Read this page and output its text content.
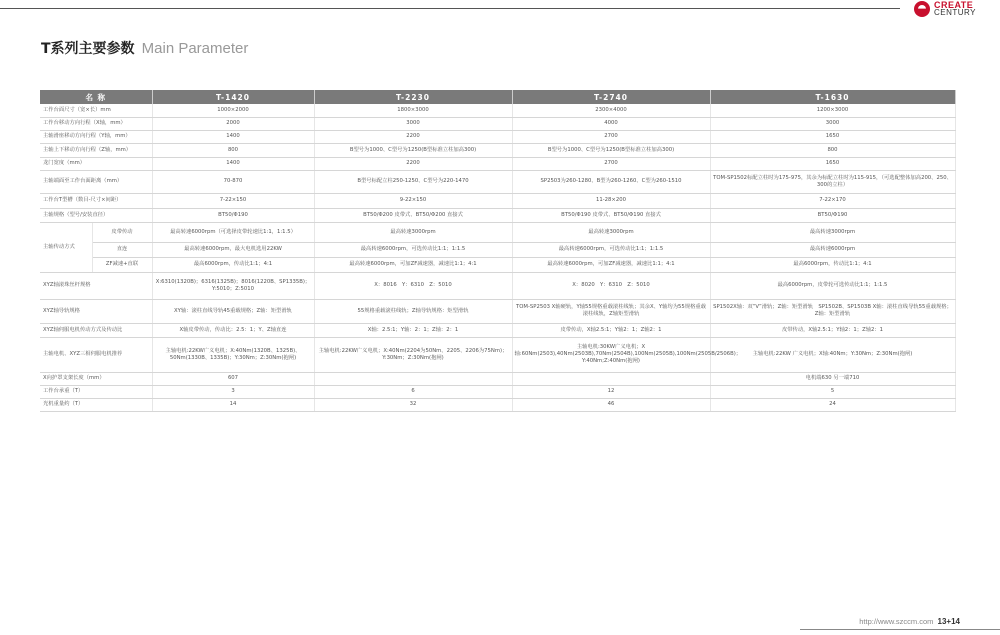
CREATE
CENTURY
T系列主要参数 Main Parameter
名 称		T-1420	T-2230	T-2740	T-1630
工作台面尺寸（宽×长）mm		1000×2000	1800×3000	2300×4000	1200×3000
工作台移动方向行程（X轴，mm）		2000	3000	4000	3000
主轴滑座移动方向行程（Y轴，mm）		1400	2200	2700	1650
主轴上下移动方向行程（Z轴，mm）		800	B型号为1000、C型号为1250(B型标准立柱加高300)	B型号为1000、C型号为1250(B型标准立柱加高300)	800
龙门宽度（mm）		1400	2200	2700	1650
主轴端面至工作台面距离（mm）		70-870	B型号标配立柱250-1250、C型号为220-1470	SP2503为260-1280、B型为260-1260、C型为260-1510	TOM-SP1502标配立柱时为175-975，其余为标配立柱时为115-915，（可选配整体加高200、250、300的立柱）
工作台T型槽（数目-尺寸×间距）		7-22×150	9-22×150	11-28×200	7-22×170
主轴规格（型号/安装直径）		BT50/Φ190	BT50/Φ200 皮带式、BT50/Φ200 直接式	BT50/Φ190 皮带式、BT50/Φ190 直接式	BT50/Φ190
主轴传动方式	皮带传动	最高转速6000rpm（可选择皮带轮速比1:1，1:1.5）	最高转速3000rpm	最高转速3000rpm	最高转速3000rpm
	直连	最高转速6000rpm，最大电机选用22KW	最高转速6000rpm，可选传动比1:1；1:1.5	最高转速6000rpm，可选传动比1:1；1:1.5	最高转速6000rpm
	ZF减速+直联	最高6000rpm，传动比1:1；4:1	最高转速6000rpm，可加ZF减速器，减速比1:1；4:1	最高转速6000rpm，可加ZF减速器，减速比1:1；4:1	最高6000rpm，传动比1:1；4:1
XYZ轴滚珠丝杆规格		X:6310(1320B)；6316(1325B)；8016(1220B、SP1335B)；Y:5010；Z:5010	X：8016　Y：6310　Z：5010	X：8020　Y：6310　Z：5010	最高6000rpm，皮带轮可选传动比1:1；1:1.5
XYZ轴导轨规格		XY轴：滚柱直线导轨45重载规格；Z轴：矩型滑轨	55规格重载滚柱线轨；Z轴导轨规格：矩型滑轨	TOM-SP2503 X轴硬轨，Y轴55规格重载滚柱线轨；其余X、Y轴均为55规格重载滚柱线轨，Z轴矩型滑轨	SP1502X轴：双“V”滑轨；Z轴：矩型滑轨　SP1502B、SP1503B X轴：滚柱直线导轨55重载规格；Z轴：矩型滑轨
XYZ轴伺服电机传动方式及传动比		X轴皮带传动，传动比：2.5：1；Y、Z轴直连	X轴：2.5:1；Y轴：2：1；Z轴：2：1	皮带传动，X轴2.5:1；Y轴2：1；Z轴2：1	皮带传动，X轴2.5:1；Y轴2：1；Z轴2：1
主轴电机、XYZ三相伺服电机推荐		主轴电机:22KW广义电机；X:40Nm(1320B、1325B)、50Nm(1330B、1335B)；Y:30Nm；Z:30Nm(抱闸)	主轴电机:22KW广义电机；X:40Nm(2204为50Nm、2205、2206为75Nm)；Y:30Nm；Z:30Nm(抱闸)	主轴电机:30KW广义电机；X轴:60Nm(2503),40Nm(2503B),70Nm(2504B),100Nm(2505B),100Nm(2505B/2506B)；Y:40Nm;Z:40Nm(抱闸)	主轴电机:22KW 广义电机；X轴:40Nm；Y:30Nm；Z:30Nm(抱闸)
X向护罩支架长度（mm）		607			电机端630 另一端710
工作台承重（T）		3	6	12	5
光机重量约（T）		14	32	46	24
http://www.szccm.com 13+14
